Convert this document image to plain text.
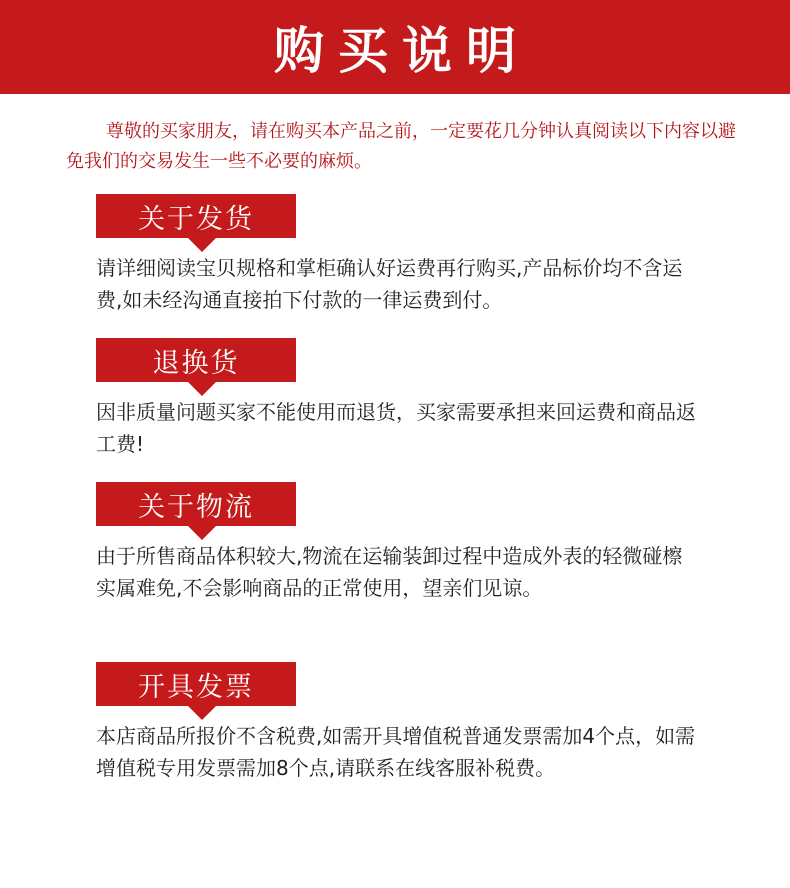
购买说明

尊敬的买家朋友，请在购买本产品之前，一定要花几分钟认真阅读以下内容以避免我们的交易发生一些不必要的麻烦。

关于发货

请详细阅读宝贝规格和掌柜确认好运费再行购买,产品标价均不含运费,如未经沟通直接拍下付款的一律运费到付。

退换货

因非质量问题买家不能使用而退货，买家需要承担来回运费和商品返工费!

关于物流

由于所售商品体积较大,物流在运输装卸过程中造成外表的轻微碰檫实属难免,不会影响商品的正常使用，望亲们见谅。

开具发票

本店商品所报价不含税费,如需开具增值税普通发票需加4个点，如需增值税专用发票需加8个点,请联系在线客服补税费。
